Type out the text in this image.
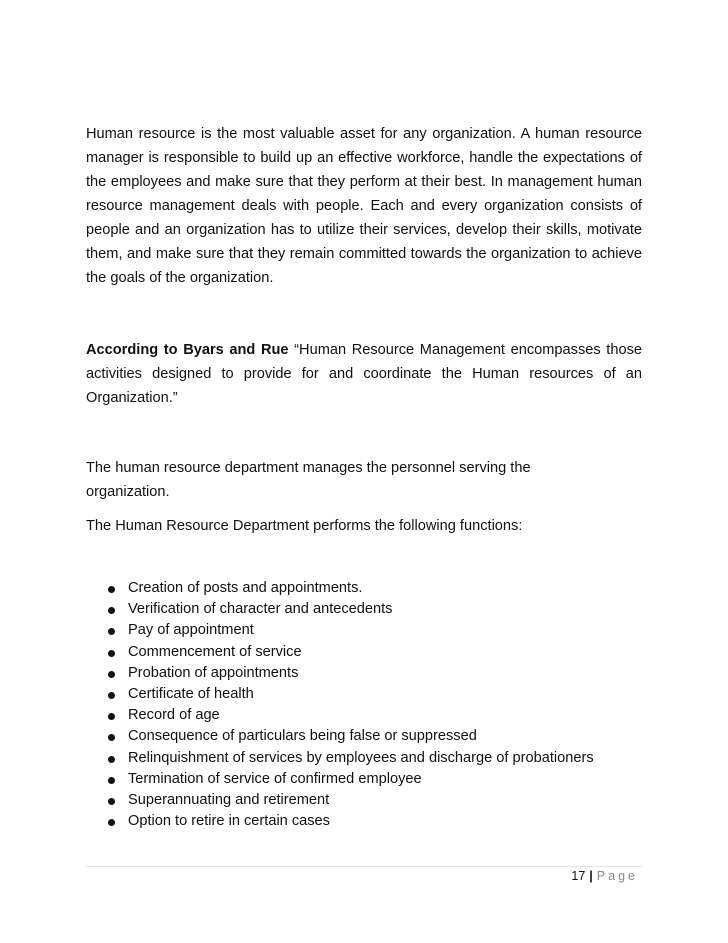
Human resource is the most valuable asset for any organization. A human resource manager is responsible to build up an effective workforce, handle the expectations of the employees and make sure that they perform at their best. In management human resource management deals with people. Each and every organization consists of people and an organization has to utilize their services, develop their skills, motivate them, and make sure that they remain committed towards the organization to achieve the goals of the organization.

According to Byars and Rue “Human Resource Management encompasses those activities designed to provide for and coordinate the Human resources of an Organization.”

The human resource department manages the personnel serving the organization.

The Human Resource Department performs the following functions:

Creation of posts and appointments.
Verification of character and antecedents
Pay of appointment
Commencement of service
Probation of appointments
Certificate of health
Record of age
Consequence of particulars being false or suppressed
Relinquishment of services by employees and discharge of probationers
Termination of service of confirmed employee
Superannuating and retirement
Option to retire in certain cases
17 | Page
